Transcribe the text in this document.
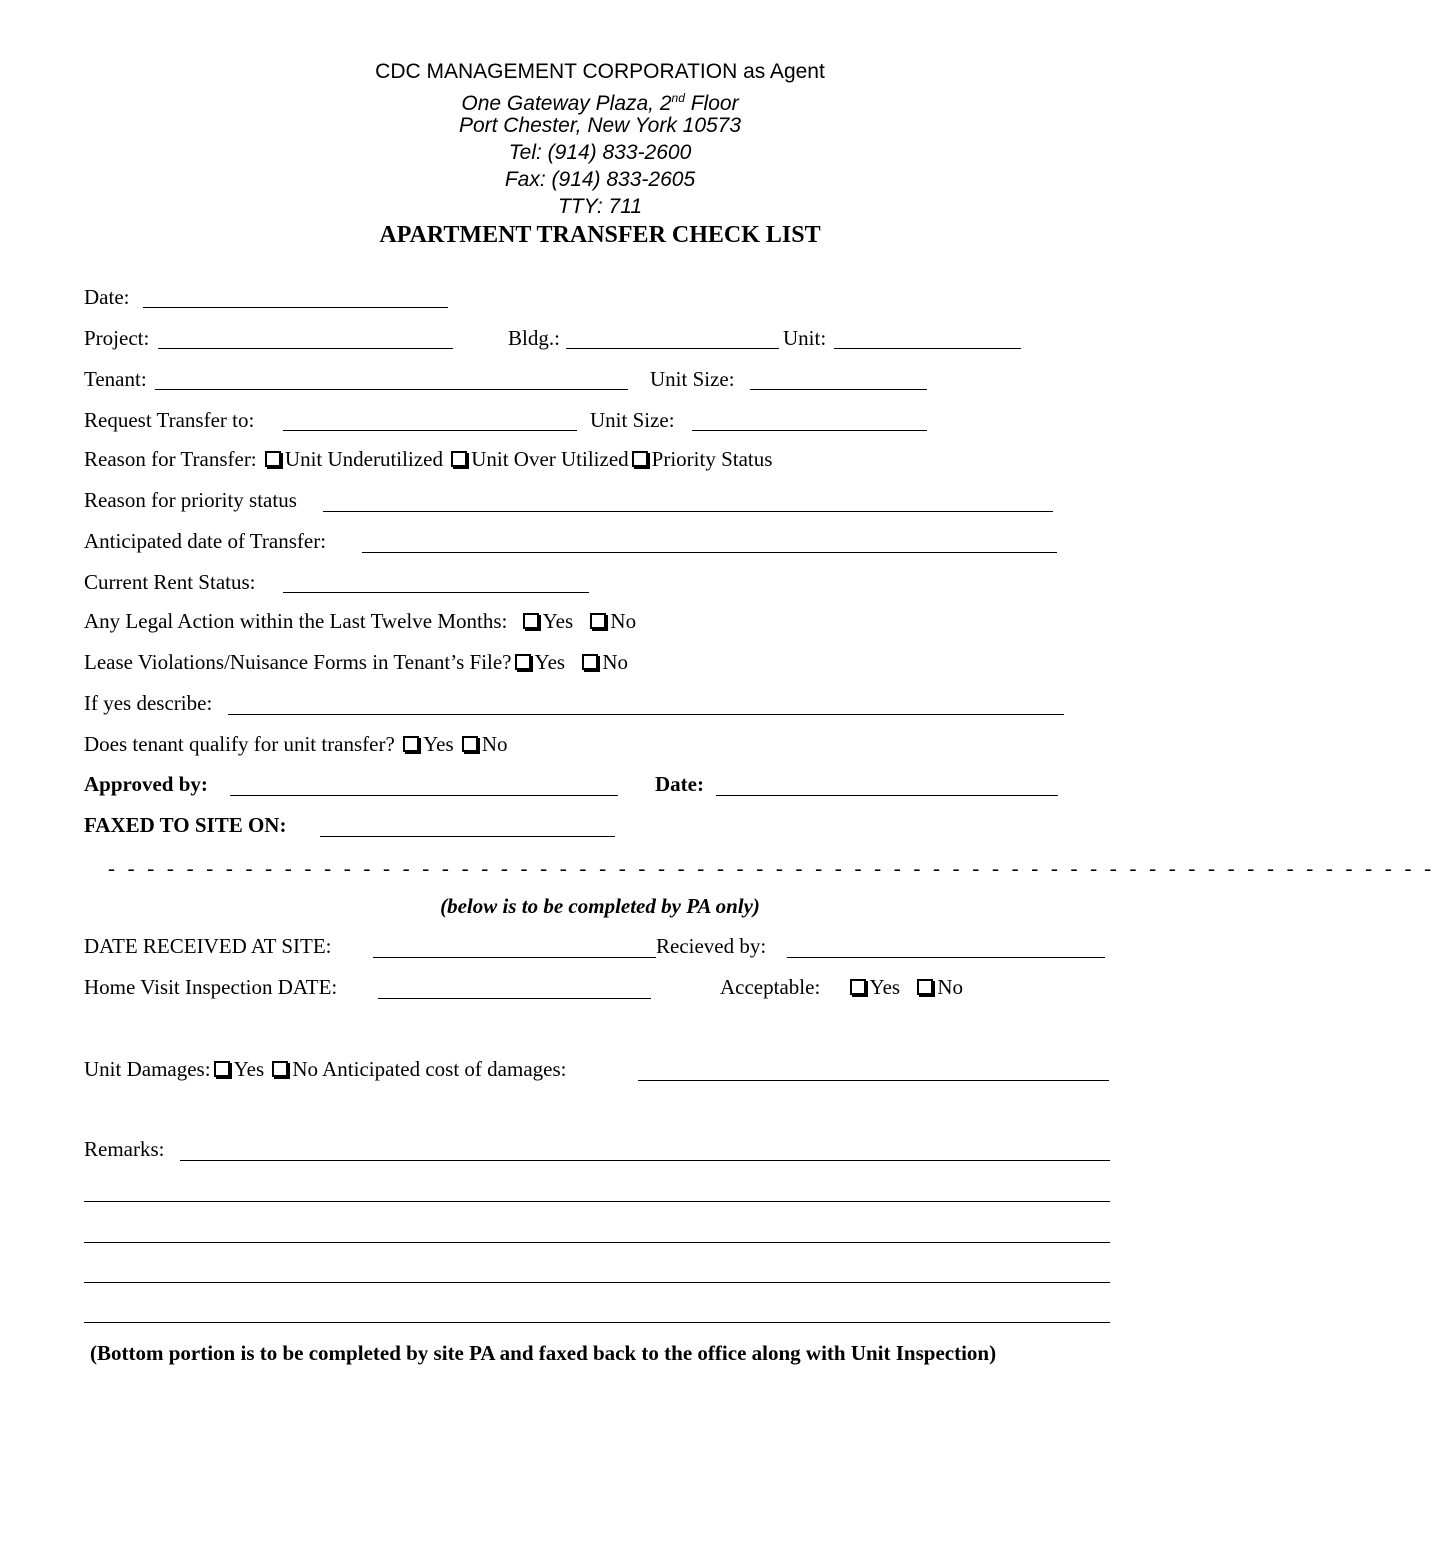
CDC MANAGEMENT CORPORATION as Agent
One Gateway Plaza, 2nd Floor
Port Chester, New York 10573
Tel: (914) 833-2600
Fax: (914) 833-2605
TTY: 711
APARTMENT TRANSFER CHECK LIST
Date:
Project:	Bldg.:	Unit:
Tenant:	Unit Size:
Request Transfer to:	Unit Size:
Reason for Transfer: Unit Underutilized Unit Over Utilized Priority Status
Reason for priority status
Anticipated date of Transfer:
Current Rent Status:
Any Legal Action within the Last Twelve Months: Yes No
Lease Violations/Nuisance Forms in Tenant’s File? Yes No
If yes describe:
Does tenant qualify for unit transfer? Yes No
Approved by:	Date:
FAXED TO SITE ON:
- - - - - - - - - - - - - - - - - - - - - - - - - - - - - - - - - - - - - - - - - - - - - - - - - - - - - - - - - - - - - - - - - - - -
(below is to be completed by PA only)
DATE RECEIVED AT SITE:	Recieved by:
Home Visit Inspection DATE:	Acceptable: Yes No
Unit Damages: Yes No Anticipated cost of damages:
Remarks:
(Bottom portion is to be completed by site PA and faxed back to the office along with Unit Inspection)
